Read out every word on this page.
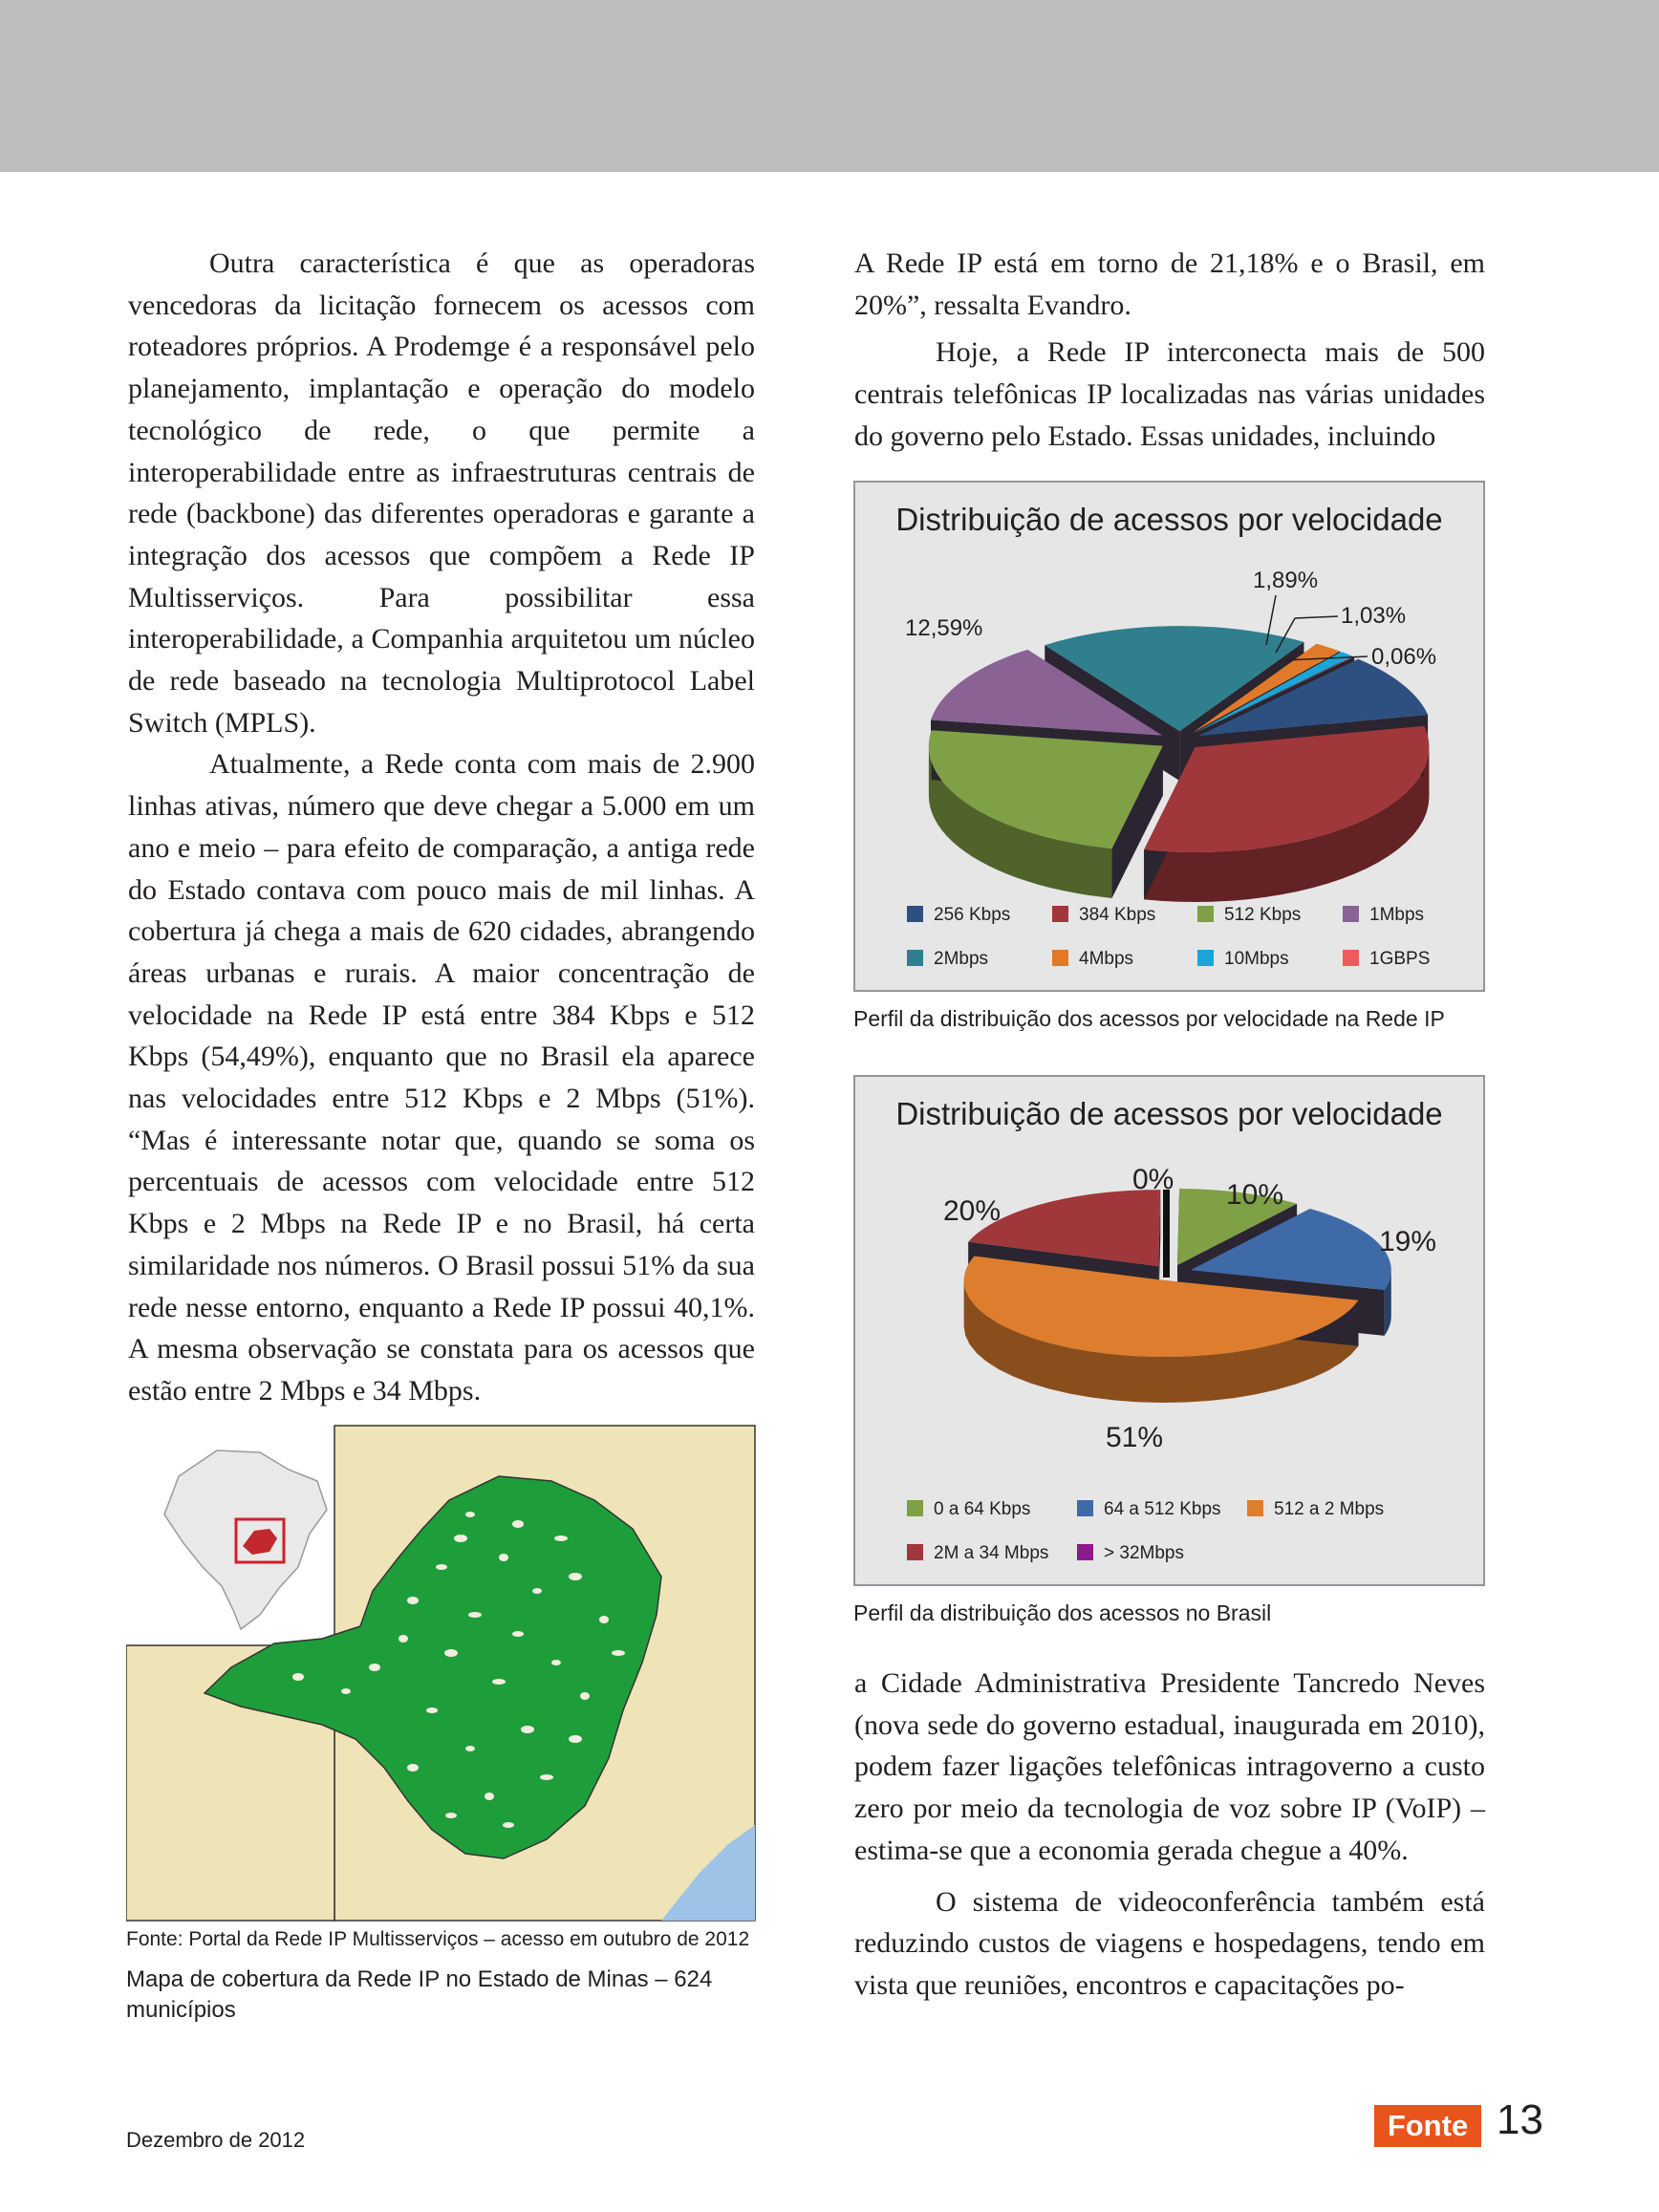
Outra característica é que as operadoras vencedoras da licitação fornecem os acessos com roteadores próprios. A Prodemge é a responsável pelo planejamento, implantação e operação do modelo tecnológico de rede, o que permite a interoperabilidade entre as infraestruturas centrais de rede (backbone) das diferentes operadoras e garante a integração dos acessos que compõem a Rede IP Multisserviços. Para possibilitar essa interoperabilidade, a Companhia arquitetou um núcleo de rede baseado na tecnologia Multiprotocol Label Switch (MPLS).

Atualmente, a Rede conta com mais de 2.900 linhas ativas, número que deve chegar a 5.000 em um ano e meio – para efeito de comparação, a antiga rede do Estado contava com pouco mais de mil linhas. A cobertura já chega a mais de 620 cidades, abrangendo áreas urbanas e rurais. A maior concentração de velocidade na Rede IP está entre 384 Kbps e 512 Kbps (54,49%), enquanto que no Brasil ela aparece nas velocidades entre 512 Kbps e 2 Mbps (51%). “Mas é interessante notar que, quando se soma os percentuais de acessos com velocidade entre 512 Kbps e 2 Mbps na Rede IP e no Brasil, há certa similaridade nos números. O Brasil possui 51% da sua rede nesse entorno, enquanto a Rede IP possui 40,1%. A mesma observação se constata para os acessos que estão entre 2 Mbps e 34 Mbps.

A Rede IP está em torno de 21,18% e o Brasil, em 20%”, ressalta Evandro.

Hoje, a Rede IP interconecta mais de 500 centrais telefônicas IP localizadas nas várias unidades do governo pelo Estado. Essas unidades, incluindo

Distribuição de acessos por velocidade
12,59%
1,89%
1,03%
0,06%
256 Kbps	384 Kbps	512 Kbps	1Mbps
2Mbps	4Mbps	10Mbps	1GBPS
Perfil da distribuição dos acessos por velocidade na Rede IP
Distribuição de acessos por velocidade
0% 10%
19%
20%
51%
0 a 64 Kbps	64 a 512 Kbps	512 a 2 Mbps
2M a 34 Mbps	> 32Mbps
Perfil da distribuição dos acessos no Brasil

a Cidade Administrativa Presidente Tancredo Neves (nova sede do governo estadual, inaugurada em 2010), podem fazer ligações telefônicas intragoverno a custo zero por meio da tecnologia de voz sobre IP (VoIP) – estima-se que a economia gerada chegue a 40%.

O sistema de videoconferência também está reduzindo custos de viagens e hospedagens, tendo em vista que reuniões, encontros e capacitações po-

Fonte: Portal da Rede IP Multisserviços – acesso em outubro de 2012
Mapa de cobertura da Rede IP no Estado de Minas – 624 municípios
Dezembro de 2012	Fonte 13
